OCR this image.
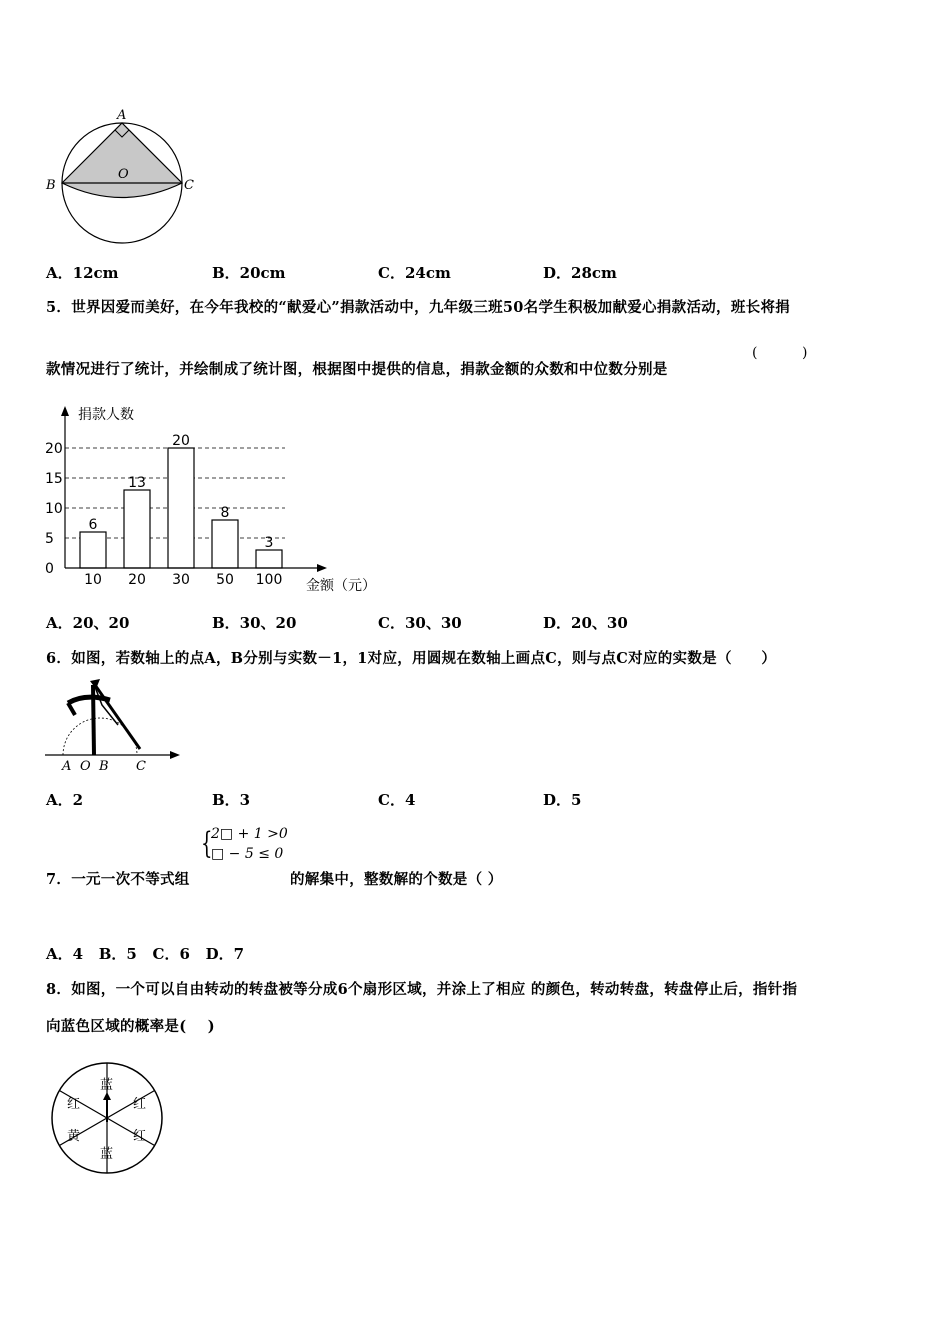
A
B	C
O
A．12cm	B．20cm	C．24cm	D．28cm
5．世界因爱而美好，在今年我校的“献爱心”捐款活动中，九年级三班50名学生积极加献爱心捐款活动，班长将捐
款情况进行了统计，并绘制成了统计图，根据图中提供的信息，捐款金额的众数和中位数分别是
(          )
0
5
10
15
20
6
10
13
20
20
30
8
50
3
100
捐款人数
金额（元）
A．20、20	B．30、20	C．30、30	D．20、30
6．如图，若数轴上的点A，B分别与实数－1，1对应，用圆规在数轴上画点C，则与点C对应的实数是（　　）
A O B C
A．2	B．3	C．4	D．5
{
2□ + 1 >0
□ − 5 ≤ 0
7．一元一次不等式组	的解集中，整数解的个数是（ ）
A．4   B．5   C．6   D．7
8．如图，一个可以自由转动的转盘被等分成6个扇形区域，并涂上了相应 的颜色，转动转盘，转盘停止后，指针指
向蓝色区域的概率是(    )
蓝
红
红
蓝
黄
红
